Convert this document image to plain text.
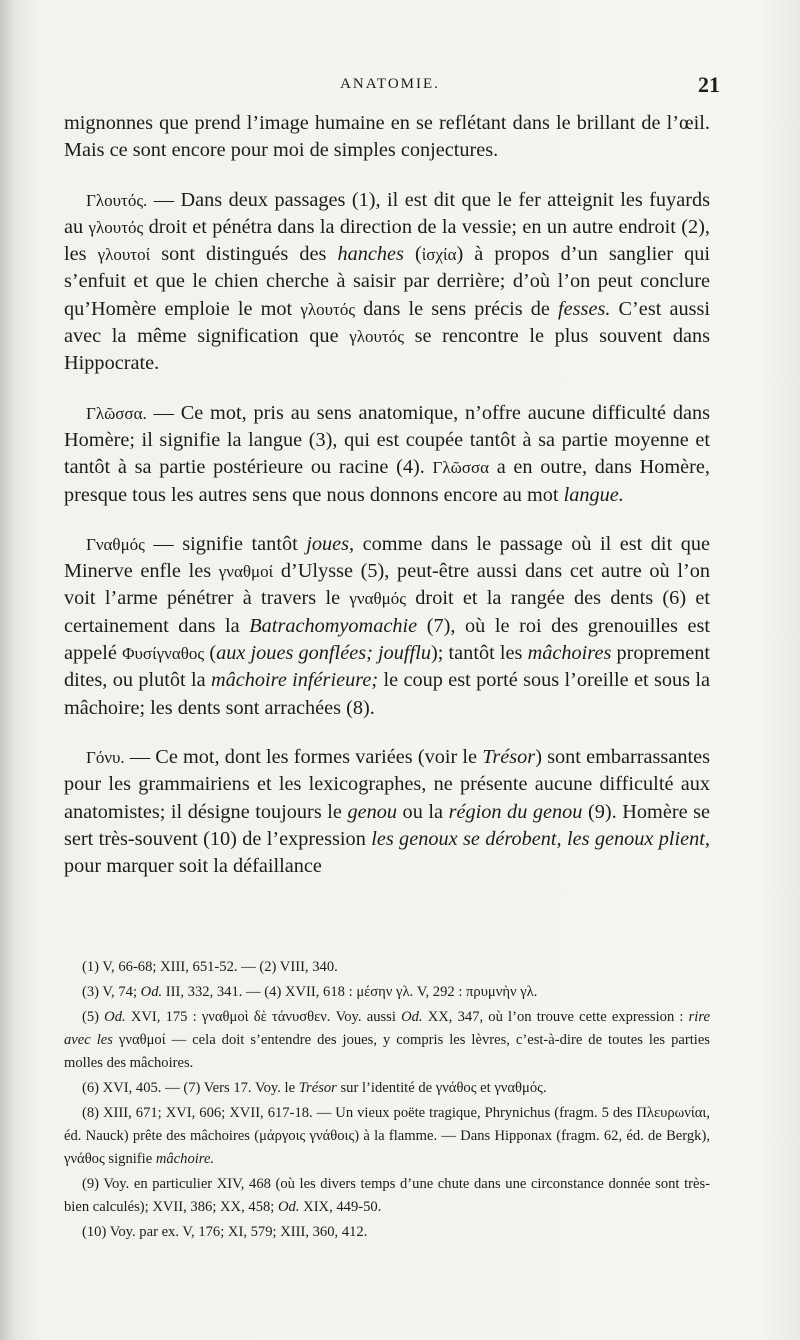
ANATOMIE.	21

mignonnes que prend l’image humaine en se reflétant dans le brillant de l’œil. Mais ce sont encore pour moi de simples conjectures.

Γλουτός. — Dans deux passages (1), il est dit que le fer atteignit les fuyards au γλουτός droit et pénétra dans la direction de la vessie; en un autre endroit (2), les γλουτοί sont distingués des hanches (ἰσχία) à propos d’un sanglier qui s’enfuit et que le chien cherche à saisir par derrière; d’où l’on peut conclure qu’Homère emploie le mot γλουτός dans le sens précis de fesses. C’est aussi avec la même signification que γλουτός se rencontre le plus souvent dans Hippocrate.

Γλῶσσα. — Ce mot, pris au sens anatomique, n’offre aucune difficulté dans Homère; il signifie la langue (3), qui est coupée tantôt à sa partie moyenne et tantôt à sa partie postérieure ou racine (4). Γλῶσσα a en outre, dans Homère, presque tous les autres sens que nous donnons encore au mot langue.

Γναθμός — signifie tantôt joues, comme dans le passage où il est dit que Minerve enfle les γναθμοί d’Ulysse (5), peut-être aussi dans cet autre où l’on voit l’arme pénétrer à travers le γναθμός droit et la rangée des dents (6) et certainement dans la Batrachomyomachie (7), où le roi des grenouilles est appelé Φυσίγναθος (aux joues gonflées; joufflu); tantôt les mâchoires proprement dites, ou plutôt la mâchoire inférieure; le coup est porté sous l’oreille et sous la mâchoire; les dents sont arrachées (8).

Γόνυ. — Ce mot, dont les formes variées (voir le Trésor) sont embarrassantes pour les grammairiens et les lexicographes, ne présente aucune difficulté aux anatomistes; il désigne toujours le genou ou la région du genou (9). Homère se sert très-souvent (10) de l’expression les genoux se dérobent, les genoux plient, pour marquer soit la défaillance

(1) V, 66-68; XIII, 651-52. — (2) VIII, 340.

(3) V, 74; Od. III, 332, 341. — (4) XVII, 618 : μέσην γλ. V, 292 : πρυμνὴν γλ.

(5) Od. XVI, 175 : γναθμοὶ δὲ τάνυσθεν. Voy. aussi Od. XX, 347, où l’on trouve cette expression : rire avec les γναθμοί — cela doit s’entendre des joues, y compris les lèvres, c’est-à-dire de toutes les parties molles des mâchoires.

(6) XVI, 405. — (7) Vers 17. Voy. le Trésor sur l’identité de γνάθος et γναθμός.

(8) XIII, 671; XVI, 606; XVII, 617-18. — Un vieux poëte tragique, Phrynichus (fragm. 5 des Πλευρωνίαι, éd. Nauck) prête des mâchoires (μάργοις γνάθοις) à la flamme. — Dans Hipponax (fragm. 62, éd. de Bergk), γνάθος signifie mâchoire.

(9) Voy. en particulier XIV, 468 (où les divers temps d’une chute dans une circonstance donnée sont très-bien calculés); XVII, 386; XX, 458; Od. XIX, 449-50.

(10) Voy. par ex. V, 176; XI, 579; XIII, 360, 412.
